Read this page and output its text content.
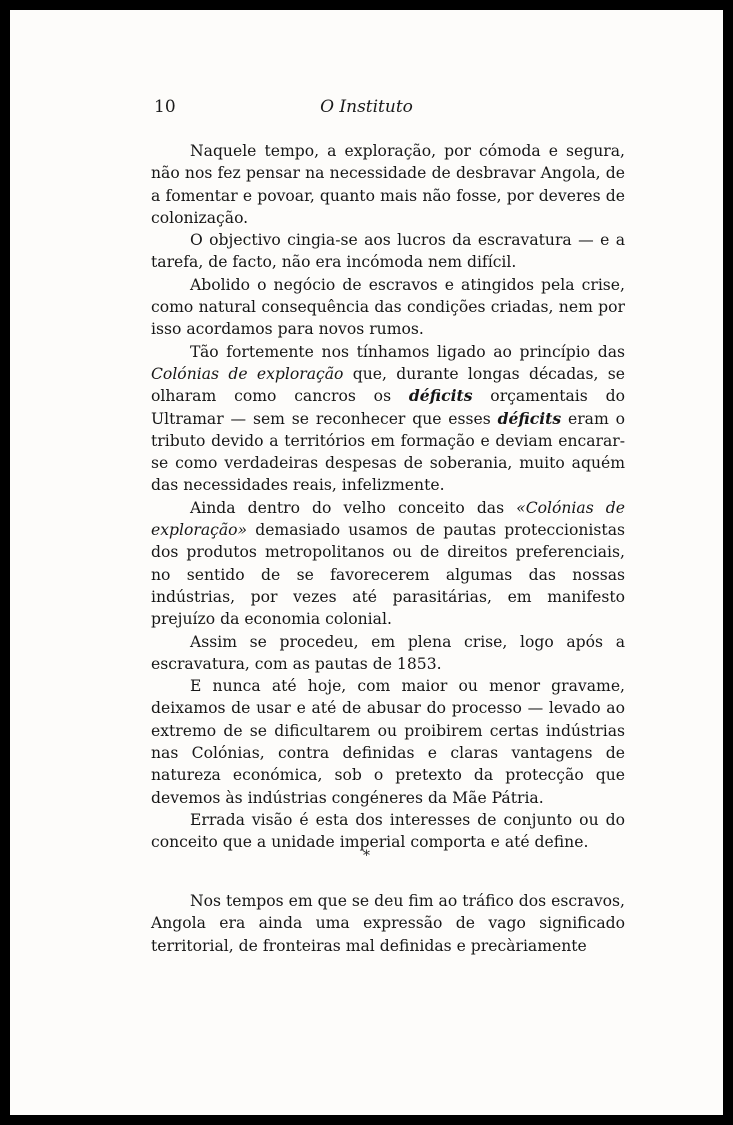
10	O Instituto

Naquele tempo, a exploração, por cómoda e segura, não nos fez pensar na necessidade de desbravar Angola, de a fomentar e povoar, quanto mais não fosse, por deveres de colonização.

O objectivo cingia-se aos lucros da escravatura — e a tarefa, de facto, não era incómoda nem difícil.

Abolido o negócio de escravos e atingidos pela crise, como natural consequência das condições criadas, nem por isso acordamos para novos rumos.

Tão fortemente nos tínhamos ligado ao princípio das Colónias de exploração que, durante longas décadas, se olharam como cancros os déficits orçamentais do Ultramar — sem se reconhecer que esses déficits eram o tributo devido a territórios em formação e deviam encarar-se como verdadeiras despesas de soberania, muito aquém das necessidades reais, infelizmente.

Ainda dentro do velho conceito das «Colónias de exploração» demasiado usamos de pautas proteccionistas dos produtos metropolitanos ou de direitos preferenciais, no sentido de se favorecerem algumas das nossas indústrias, por vezes até parasitárias, em manifesto prejuízo da economia colonial.

Assim se procedeu, em plena crise, logo após a escravatura, com as pautas de 1853.

E nunca até hoje, com maior ou menor gravame, deixamos de usar e até de abusar do processo — levado ao extremo de se dificultarem ou proibirem certas indústrias nas Colónias, contra definidas e claras vantagens de natureza económica, sob o pretexto da protecção que devemos às indústrias congéneres da Mãe Pátria.

Errada visão é esta dos interesses de conjunto ou do conceito que a unidade imperial comporta e até define.

*

Nos tempos em que se deu fim ao tráfico dos escravos, Angola era ainda uma expressão de vago significado territorial, de fronteiras mal definidas e precàriamente
